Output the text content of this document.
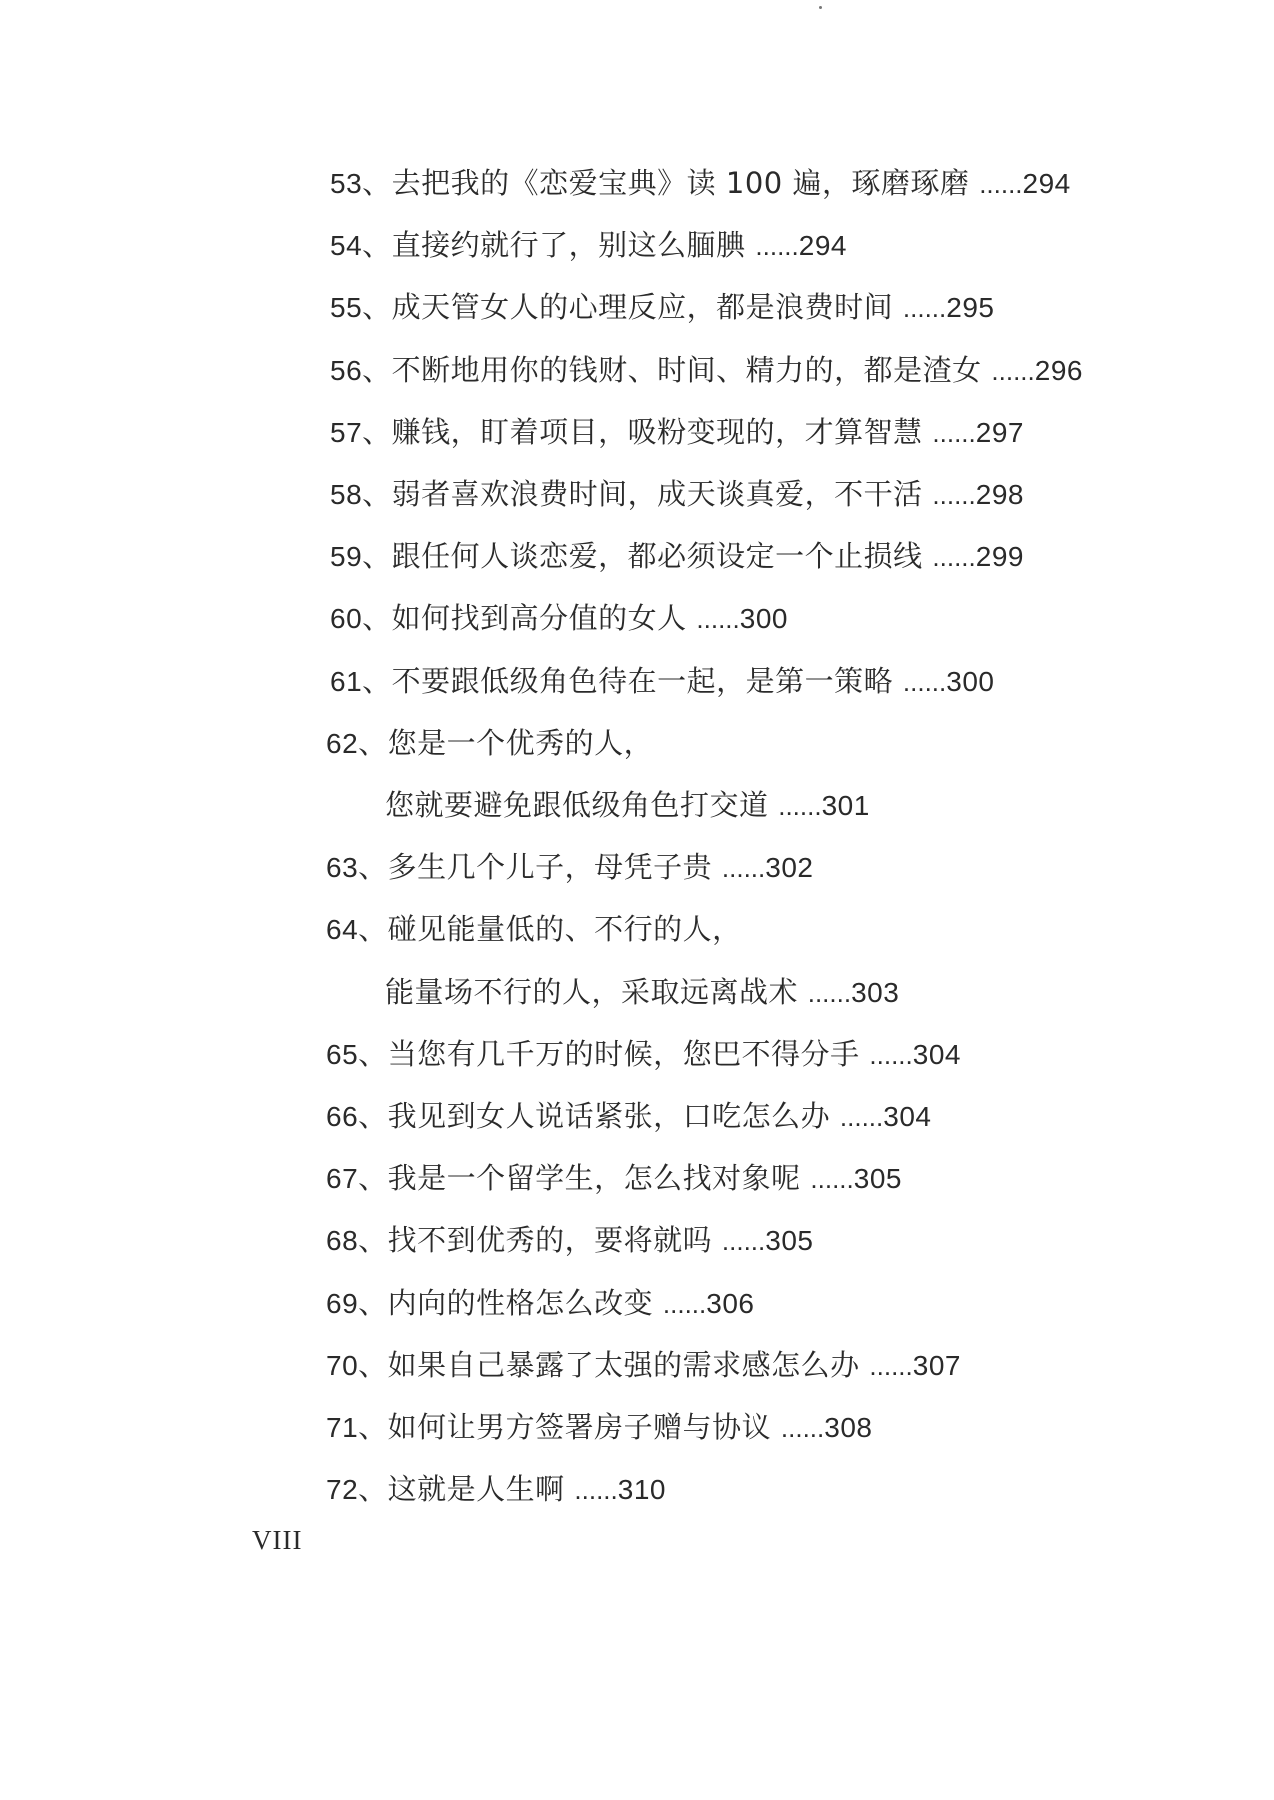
53、去把我的《恋爱宝典》读 100 遍，琢磨琢磨 ......294
54、直接约就行了，别这么腼腆 ......294
55、成天管女人的心理反应，都是浪费时间 ......295
56、不断地用你的钱财、时间、精力的，都是渣女 ......296
57、赚钱，盯着项目，吸粉变现的，才算智慧 ......297
58、弱者喜欢浪费时间，成天谈真爱，不干活 ......298
59、跟任何人谈恋爱，都必须设定一个止损线 ......299
60、如何找到高分值的女人 ......300
61、不要跟低级角色待在一起，是第一策略 ......300
62、您是一个优秀的人，
您就要避免跟低级角色打交道 ......301
63、多生几个儿子，母凭子贵 ......302
64、碰见能量低的、不行的人，
能量场不行的人，采取远离战术 ......303
65、当您有几千万的时候，您巴不得分手 ......304
66、我见到女人说话紧张，口吃怎么办 ......304
67、我是一个留学生，怎么找对象呢 ......305
68、找不到优秀的，要将就吗 ......305
69、内向的性格怎么改变 ......306
70、如果自己暴露了太强的需求感怎么办 ......307
71、如何让男方签署房子赠与协议 ......308
72、这就是人生啊 ......310
VIII
